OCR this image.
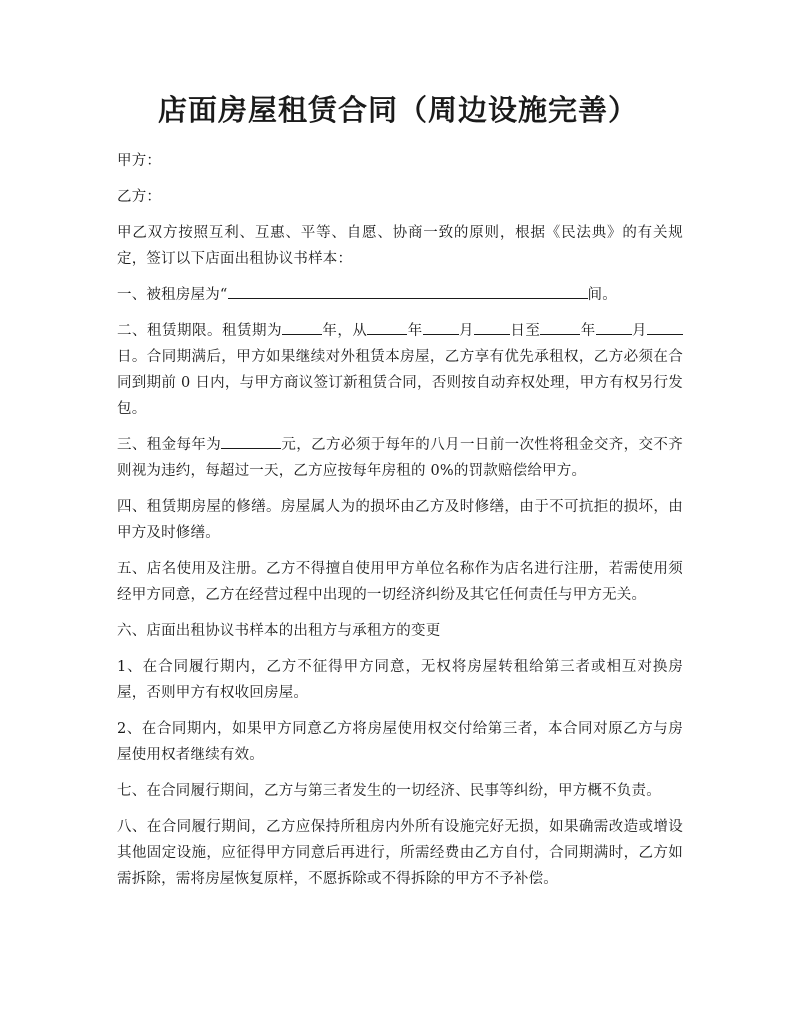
店面房屋租赁合同（周边设施完善）

甲方：

乙方：

甲乙双方按照互利、互惠、平等、自愿、协商一致的原则，根据《民法典》的有关规定，签订以下店面出租协议书样本：

一、被租房屋为“	间。

二、租赁期限。租赁期为	年，从	年 月 日至	年 月日。合同期满后，甲方如果继续对外租赁本房屋，乙方享有优先承租权，乙方必须在合同到期前 0 日内，与甲方商议签订新租赁合同，否则按自动弃权处理，甲方有权另行发包。

三、租金每年为	元，乙方必须于每年的八月一日前一次性将租金交齐，交不齐则视为违约，每超过一天，乙方应按每年房租的 0%的罚款赔偿给甲方。

四、租赁期房屋的修缮。房屋属人为的损坏由乙方及时修缮，由于不可抗拒的损坏，由甲方及时修缮。

五、店名使用及注册。乙方不得擅自使用甲方单位名称作为店名进行注册，若需使用须经甲方同意，乙方在经营过程中出现的一切经济纠纷及其它任何责任与甲方无关。

六、店面出租协议书样本的出租方与承租方的变更

1、在合同履行期内，乙方不征得甲方同意，无权将房屋转租给第三者或相互对换房屋，否则甲方有权收回房屋。

2、在合同期内，如果甲方同意乙方将房屋使用权交付给第三者，本合同对原乙方与房屋使用权者继续有效。

七、在合同履行期间，乙方与第三者发生的一切经济、民事等纠纷，甲方概不负责。

八、在合同履行期间，乙方应保持所租房内外所有设施完好无损，如果确需改造或增设其他固定设施，应征得甲方同意后再进行，所需经费由乙方自付，合同期满时，乙方如需拆除，需将房屋恢复原样，不愿拆除或不得拆除的甲方不予补偿。
